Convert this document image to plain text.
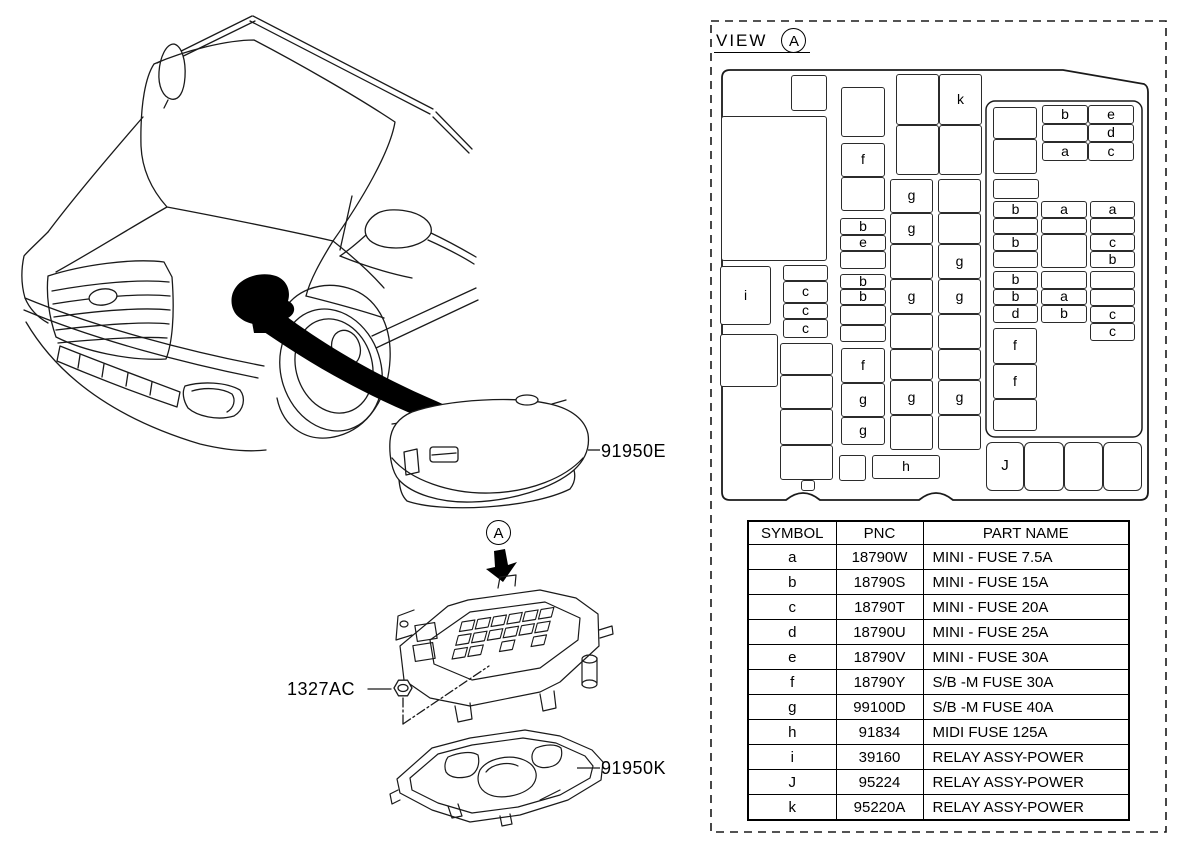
i	c
c
c
f
b
e
b
b
f
g
g
h
k
g
g
g
g
g
g
g
b	e
d
a	c
b
b
b
b
d
a
a
b
a
c
b
c
c
f
f
J
VIEW A
A
91950E
1327AC
91950K
SYMBOL	PNC	PART NAME
a	18790W	MINI - FUSE 7.5A
b	18790S	MINI - FUSE 15A
c	18790T	MINI - FUSE 20A
d	18790U	MINI - FUSE 25A
e	18790V	MINI - FUSE 30A
f	18790Y	S/B -M FUSE 30A
g	99100D	S/B -M FUSE 40A
h	91834	MIDI FUSE 125A
i	39160	RELAY ASSY-POWER
J	95224	RELAY ASSY-POWER
k	95220A	RELAY ASSY-POWER
